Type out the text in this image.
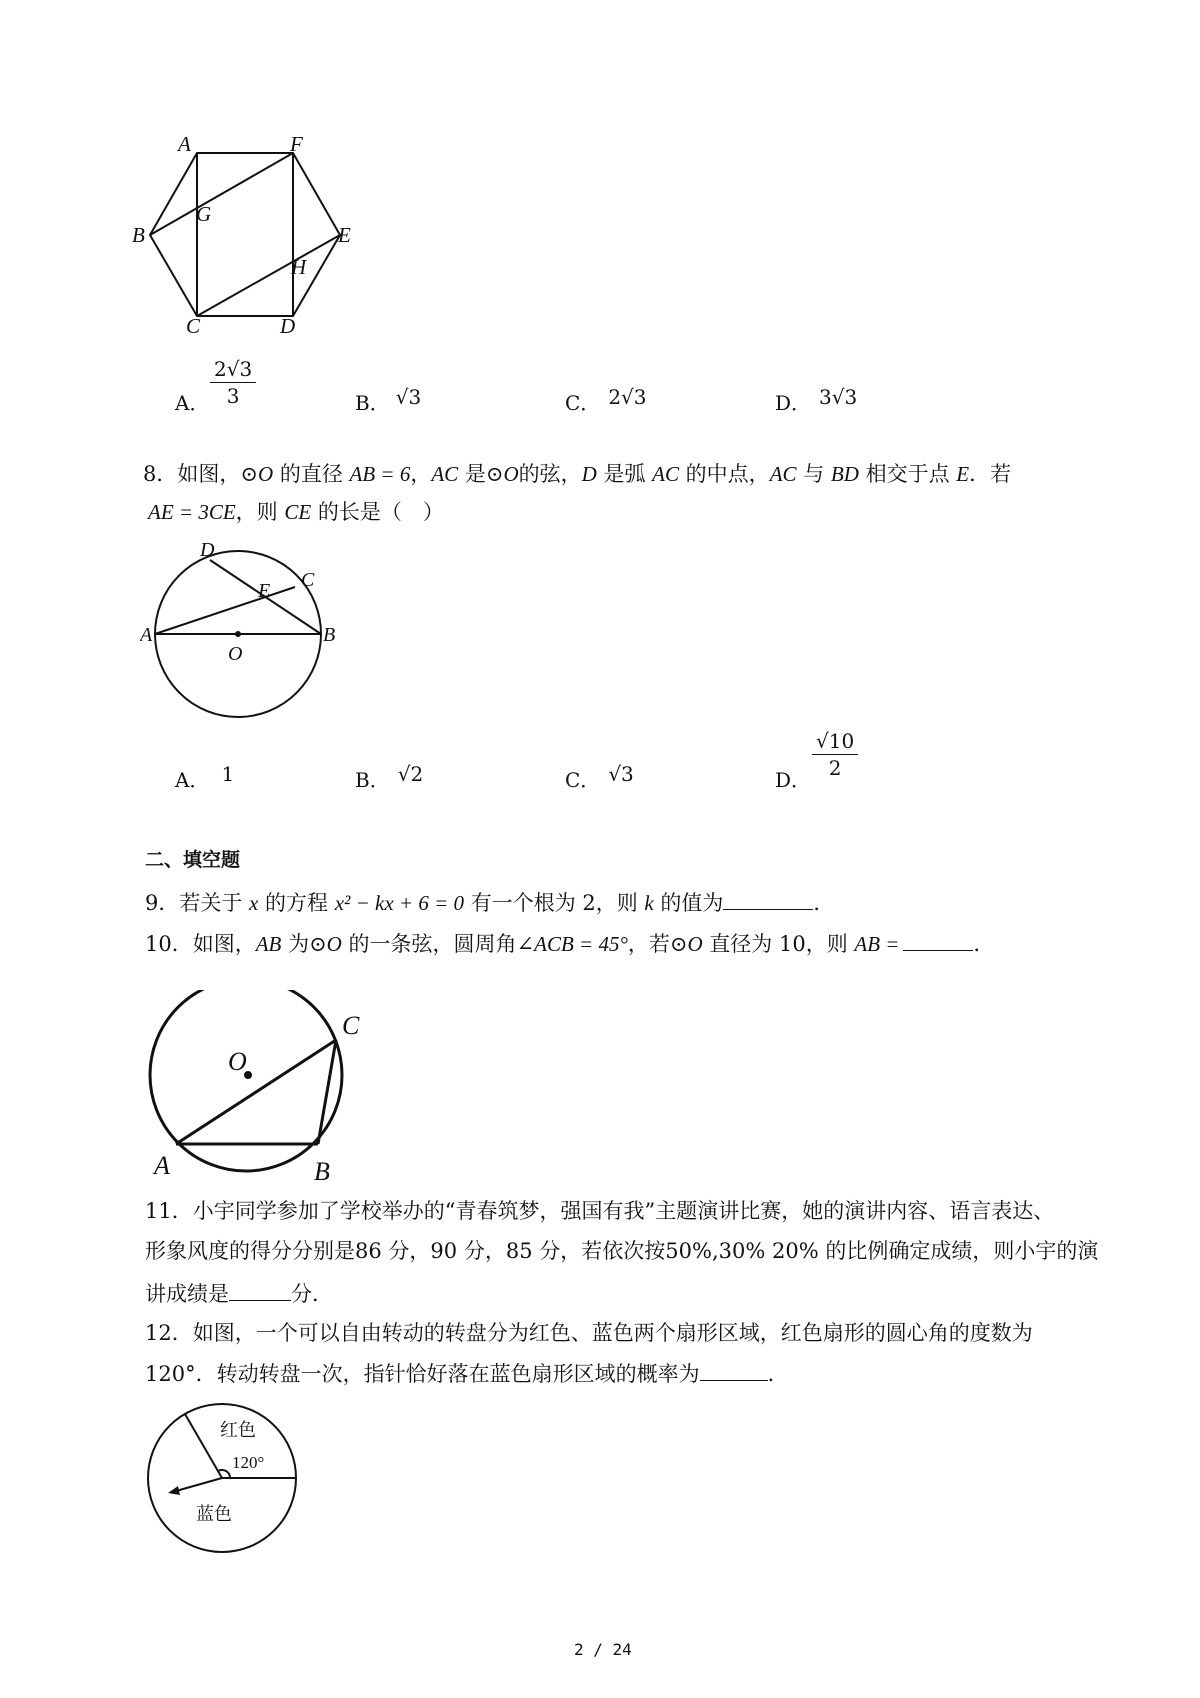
A	F
B
G
E
H
C	D
A． $\frac{2√3}{3}$	B． √3	C． 2√3	D． 3√3
8．如图，⊙O 的直径 AB = 6，AC 是⊙O的弦，D 是弧 AC 的中点，AC 与 BD 相交于点 E．若
AE = 3CE，则 CE 的长是（　）
D
E C
A	B
O
A． 1	B． √2	C． √3	D． $\frac{√10}{2}$
二、填空题
9．若关于 x 的方程 x² − kx + 6 = 0 有一个根为 2，则 k 的值为	．
10．如图，AB 为⊙O 的一条弦，圆周角∠ACB = 45°，若⊙O 直径为 10，则 AB =	．
C
O
A	B
11．小宇同学参加了学校举办的“青春筑梦，强国有我”主题演讲比赛，她的演讲内容、语言表达、
形象风度的得分分别是86 分，90 分，85 分，若依次按50%,30% 20% 的比例确定成绩，则小宇的演
讲成绩是	分．
12．如图，一个可以自由转动的转盘分为红色、蓝色两个扇形区域，红色扇形的圆心角的度数为
120°．转动转盘一次，指针恰好落在蓝色扇形区域的概率为	．
红色
120°
蓝色
2 / 24
